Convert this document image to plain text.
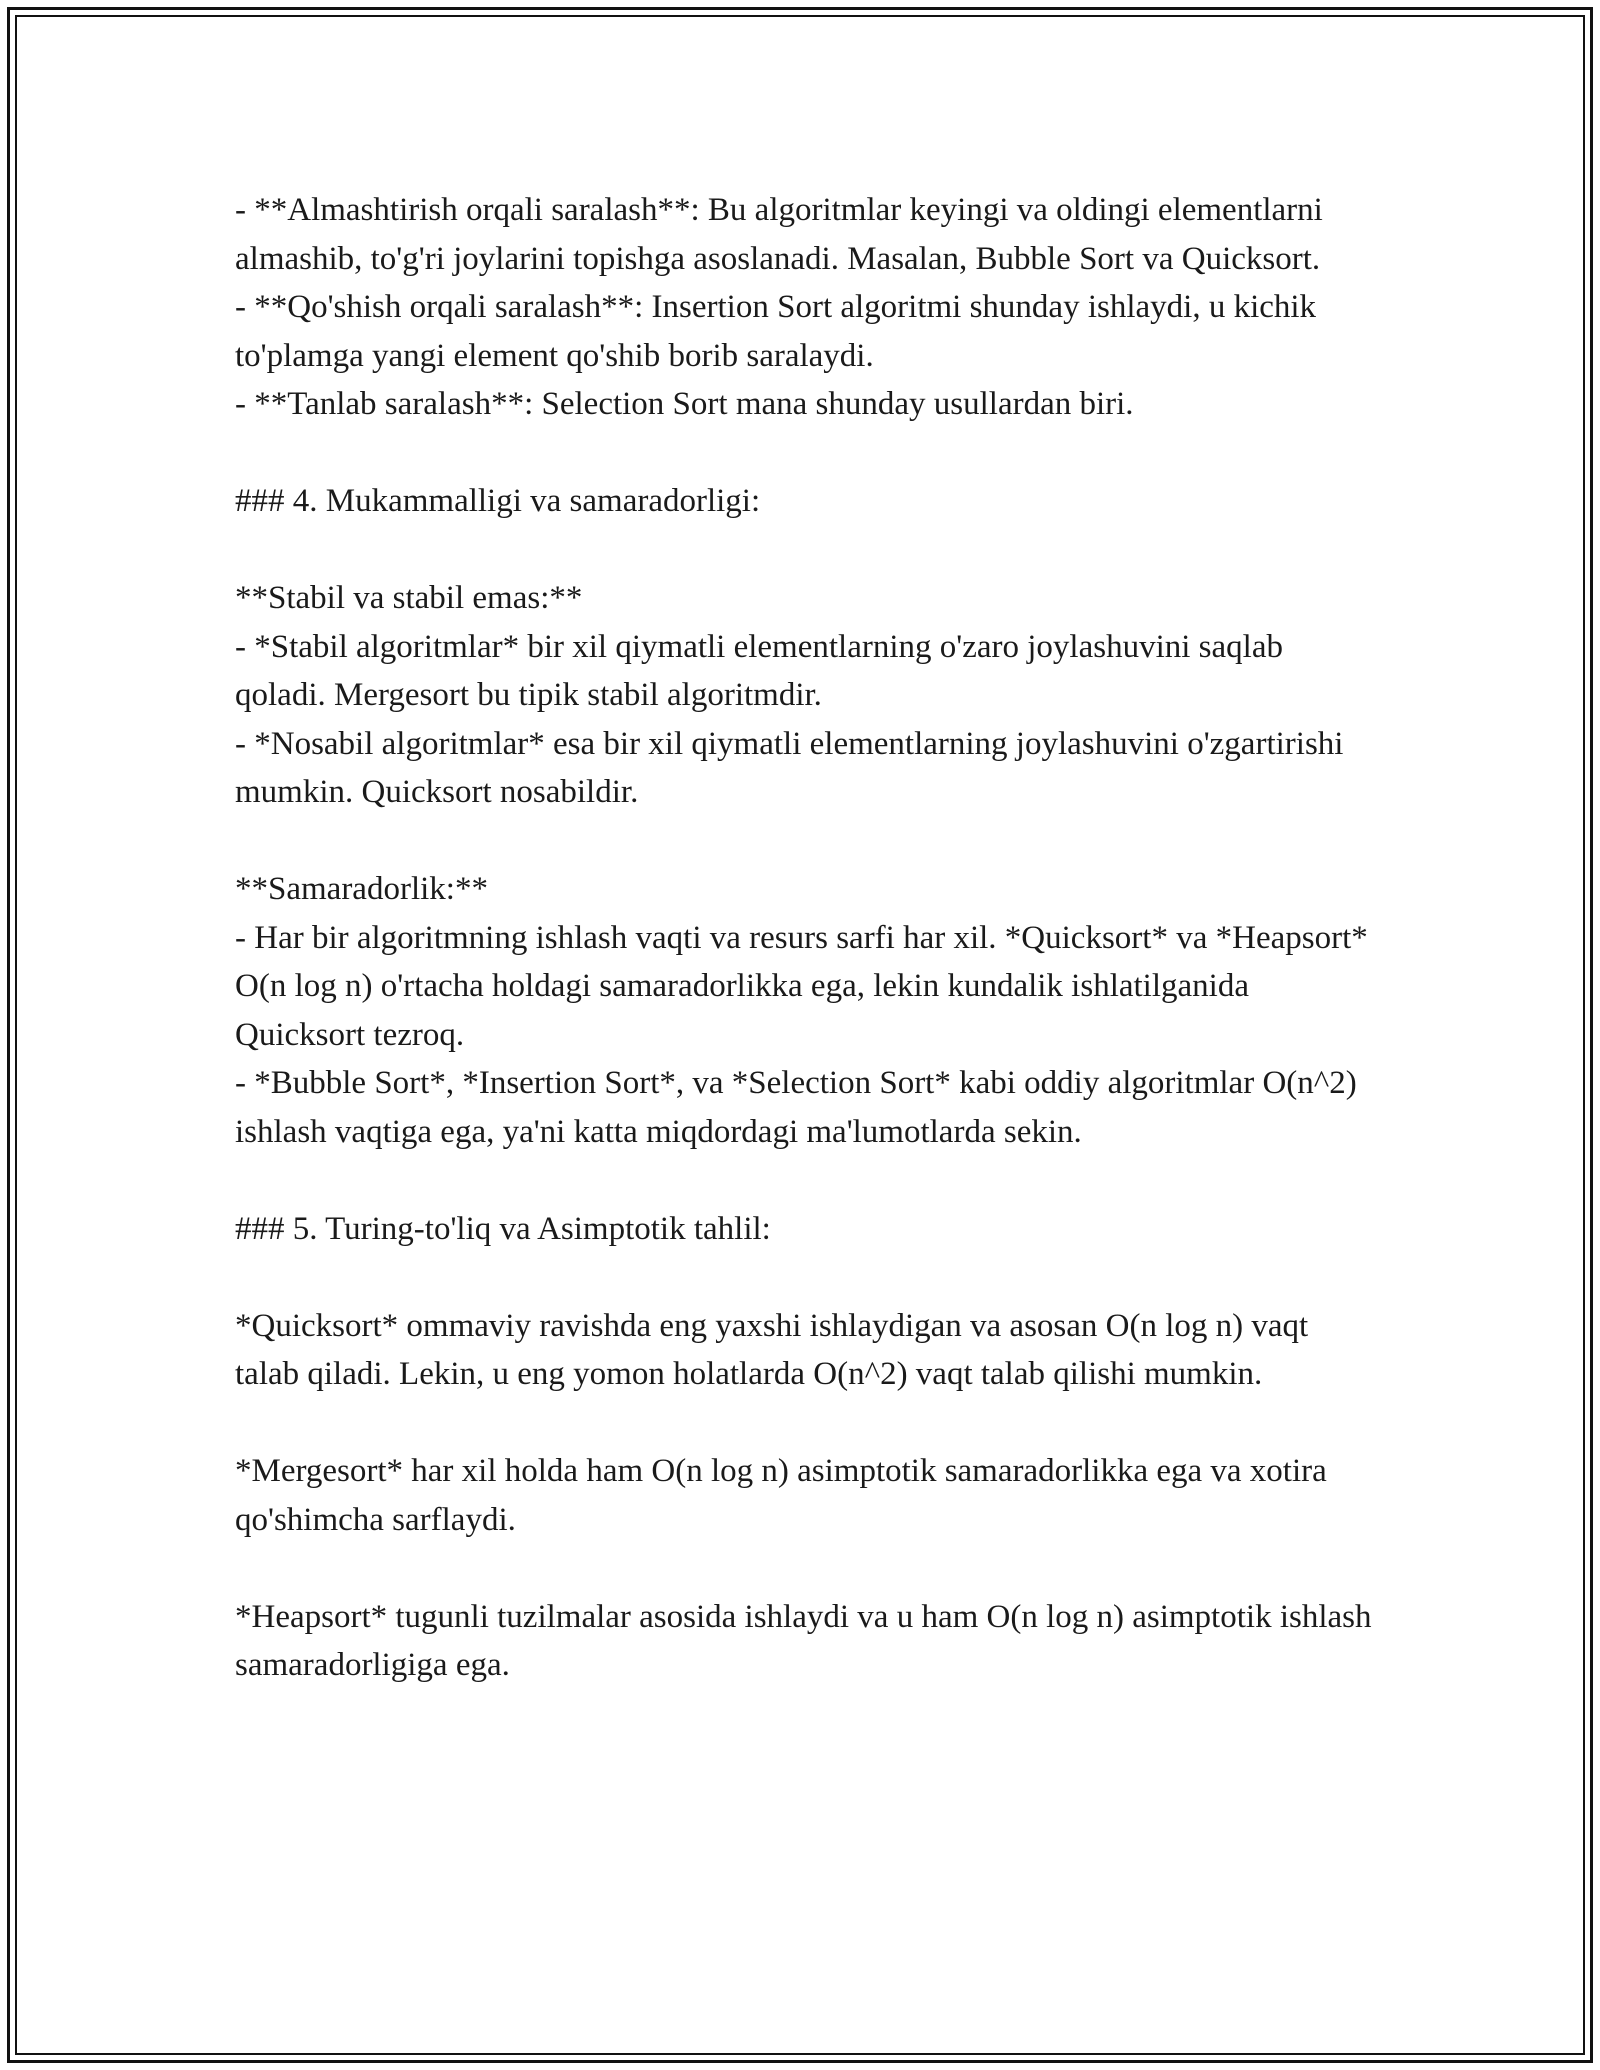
- **Almashtirish orqali saralash**: Bu algoritmlar keyingi va oldingi elementlarni almashib, to'g'ri joylarini topishga asoslanadi. Masalan, Bubble Sort va Quicksort.

- **Qo'shish orqali saralash**: Insertion Sort algoritmi shunday ishlaydi, u kichik to'plamga yangi element qo'shib borib saralaydi.

- **Tanlab saralash**: Selection Sort mana shunday usullardan biri.

### 4. Mukammalligi va samaradorligi:

**Stabil va stabil emas:**

- *Stabil algoritmlar* bir xil qiymatli elementlarning o'zaro joylashuvini saqlab qoladi. Mergesort bu tipik stabil algoritmdir.

- *Nosabil algoritmlar* esa bir xil qiymatli elementlarning joylashuvini o'zgartirishi mumkin. Quicksort nosabildir.

**Samaradorlik:**

- Har bir algoritmning ishlash vaqti va resurs sarfi har xil. *Quicksort* va *Heapsort* O(n log n) o'rtacha holdagi samaradorlikka ega, lekin kundalik ishlatilganida Quicksort tezroq.

- *Bubble Sort*, *Insertion Sort*, va *Selection Sort* kabi oddiy algoritmlar O(n^2) ishlash vaqtiga ega, ya'ni katta miqdordagi ma'lumotlarda sekin.

### 5. Turing-to'liq va Asimptotik tahlil:

*Quicksort* ommaviy ravishda eng yaxshi ishlaydigan va asosan O(n log n) vaqt talab qiladi. Lekin, u eng yomon holatlarda O(n^2) vaqt talab qilishi mumkin.

*Mergesort* har xil holda ham O(n log n) asimptotik samaradorlikka ega va xotira qo'shimcha sarflaydi.

*Heapsort* tugunli tuzilmalar asosida ishlaydi va u ham O(n log n) asimptotik ishlash samaradorligiga ega.
